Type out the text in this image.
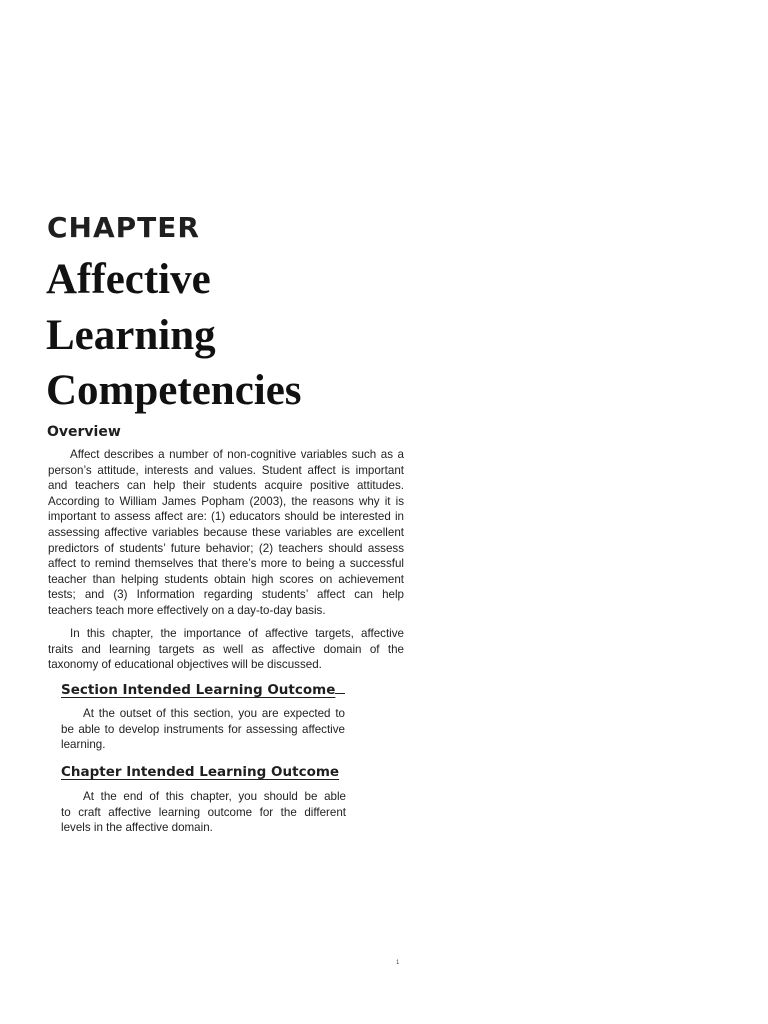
CHAPTER
Affective
Learning
Competencies
Overview
Affect describes a number of non-cognitive variables such as a
person’s attitude, interests and values. Student affect is important
and teachers can help their students acquire positive attitudes.
According to William James Popham (2003), the reasons why it is
important to assess affect are: (1) educators should be interested in
assessing affective variables because these variables are excellent
predictors of students’ future behavior; (2) teachers should assess
affect to remind themselves that there’s more to being a successful
teacher than helping students obtain high scores on achievement
tests; and (3) Information regarding students’ affect can help
teachers teach more effectively on a day-to-day basis.
In this chapter, the importance of affective targets, affective
traits and learning targets as well as affective domain of the
taxonomy of educational objectives will be discussed.
Section Intended Learning Outcome
At the outset of this section, you are expected to
be able to develop instruments for assessing affective
learning.
Chapter Intended Learning Outcome
At the end of this chapter, you should be able
to craft affective learning outcome for the different
levels in the affective domain.
1
